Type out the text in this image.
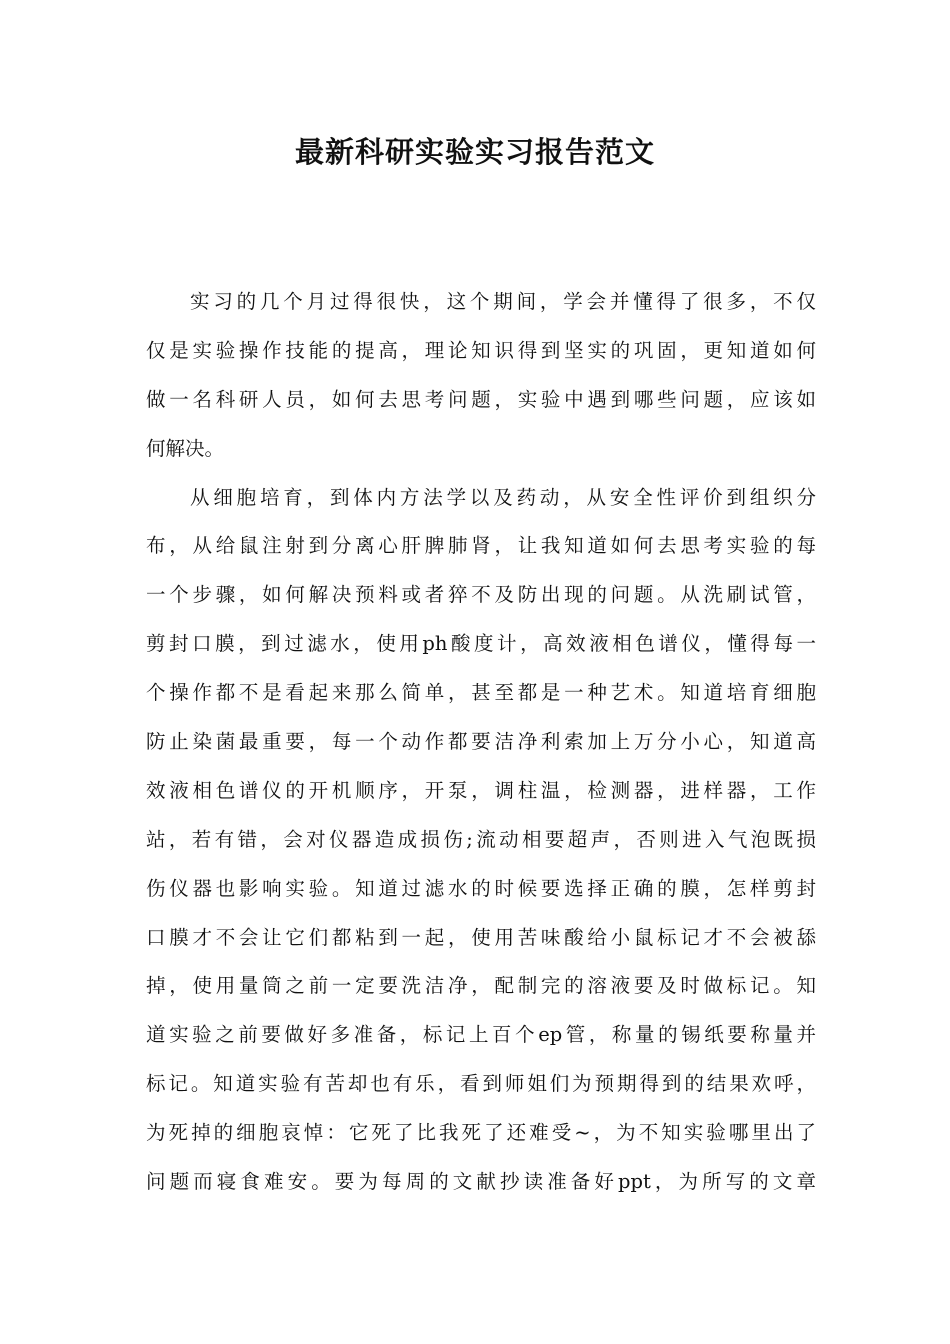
最新科研实验实习报告范文
实习的几个月过得很快，这个期间，学会并懂得了很多，不仅
仅是实验操作技能的提高，理论知识得到坚实的巩固，更知道如何
做一名科研人员，如何去思考问题，实验中遇到哪些问题，应该如
何解决。
从细胞培育，到体内方法学以及药动，从安全性评价到组织分
布，从给鼠注射到分离心肝脾肺肾，让我知道如何去思考实验的每
一个步骤，如何解决预料或者猝不及防出现的问题。从洗刷试管，
剪封口膜，到过滤水，使用ph酸度计，高效液相色谱仪，懂得每一
个操作都不是看起来那么简单，甚至都是一种艺术。知道培育细胞
防止染菌最重要，每一个动作都要洁净利索加上万分小心，知道高
效液相色谱仪的开机顺序，开泵，调柱温，检测器，进样器，工作
站，若有错，会对仪器造成损伤;流动相要超声，否则进入气泡既损
伤仪器也影响实验。知道过滤水的时候要选择正确的膜，怎样剪封
口膜才不会让它们都粘到一起，使用苦味酸给小鼠标记才不会被舔
掉，使用量筒之前一定要洗洁净，配制完的溶液要及时做标记。知
道实验之前要做好多准备，标记上百个ep管，称量的锡纸要称量并
标记。知道实验有苦却也有乐，看到师姐们为预期得到的结果欢呼，
为死掉的细胞哀悼：它死了比我死了还难受~，为不知实验哪里出了
问题而寝食难安。要为每周的文献抄读准备好ppt，为所写的文章
